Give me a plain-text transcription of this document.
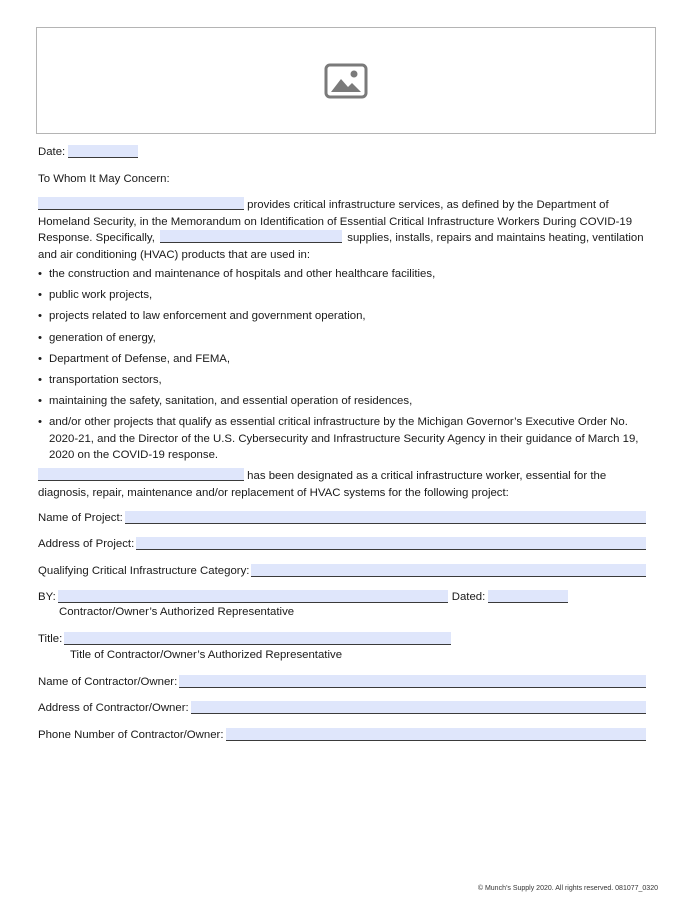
Date:
To Whom It May Concern:
provides critical infrastructure services, as defined by the Department of Homeland Security, in the Memorandum on Identification of Essential Critical Infrastructure Workers During COVID-19 Response. Specifically,	supplies, installs, repairs and maintains heating, ventilation and air conditioning (HVAC) products that are used in:
• the construction and maintenance of hospitals and other healthcare facilities,
• public work projects,
• projects related to law enforcement and government operation,
• generation of energy,
• Department of Defense, and FEMA,
• transportation sectors,
• maintaining the safety, sanitation, and essential operation of residences,
• and/or other projects that qualify as essential critical infrastructure by the Michigan Governor’s Executive Order No. 2020-21, and the Director of the U.S. Cybersecurity and Infrastructure Security Agency in their guidance of March 19, 2020 on the COVID-19 response.
has been designated as a critical infrastructure worker, essential for the diagnosis, repair, maintenance and/or replacement of HVAC systems for the following project:
Name of Project:
Address of Project:
Qualifying Critical Infrastructure Category:
BY:	Dated:
Contractor/Owner’s Authorized Representative
Title:
Title of Contractor/Owner’s Authorized Representative
Name of Contractor/Owner:
Address of Contractor/Owner:
Phone Number of Contractor/Owner:
© Munch’s Supply 2020. All rights reserved. 081077_0320
